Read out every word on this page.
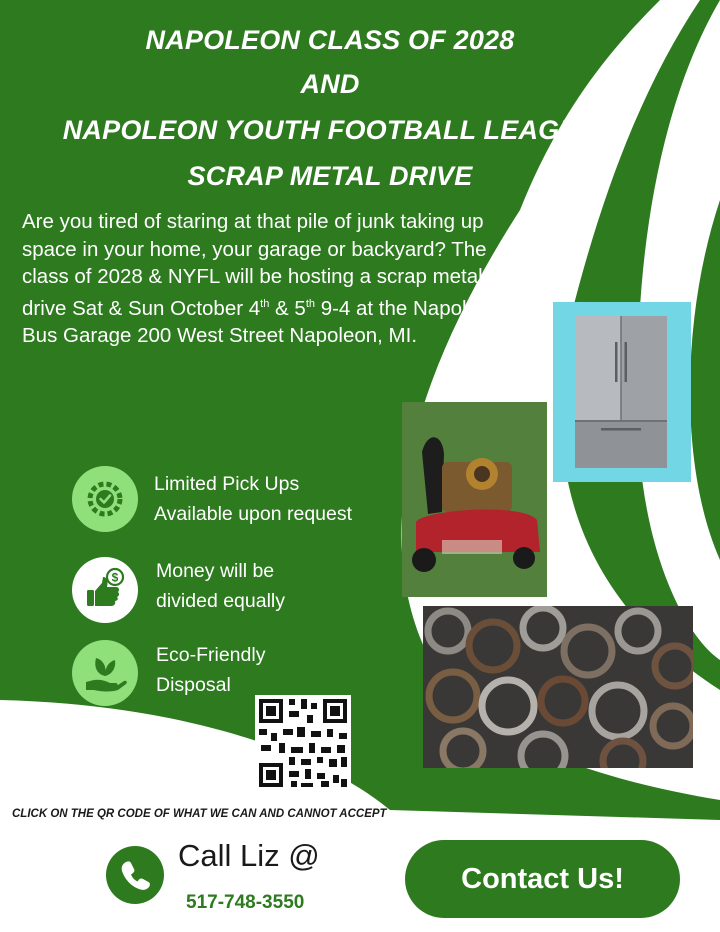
NAPOLEON CLASS OF 2028
AND
NAPOLEON YOUTH FOOTBALL LEAGUE
SCRAP METAL DRIVE
Are you tired of staring at that pile of junk taking up space in your home, your garage or backyard? The class of 2028 & NYFL will be hosting a scrap metal drive Sat & Sun October 4th & 5th 9-4 at the Napoleon Bus Garage 200 West Street Napoleon, MI.
Limited Pick Ups
Available upon request
$ Money will be
divided equally
Eco-Friendly
Disposal
CLICK ON THE QR CODE OF WHAT WE CAN AND CANNOT ACCEPT
Call Liz @
517-748-3550
Contact Us!
